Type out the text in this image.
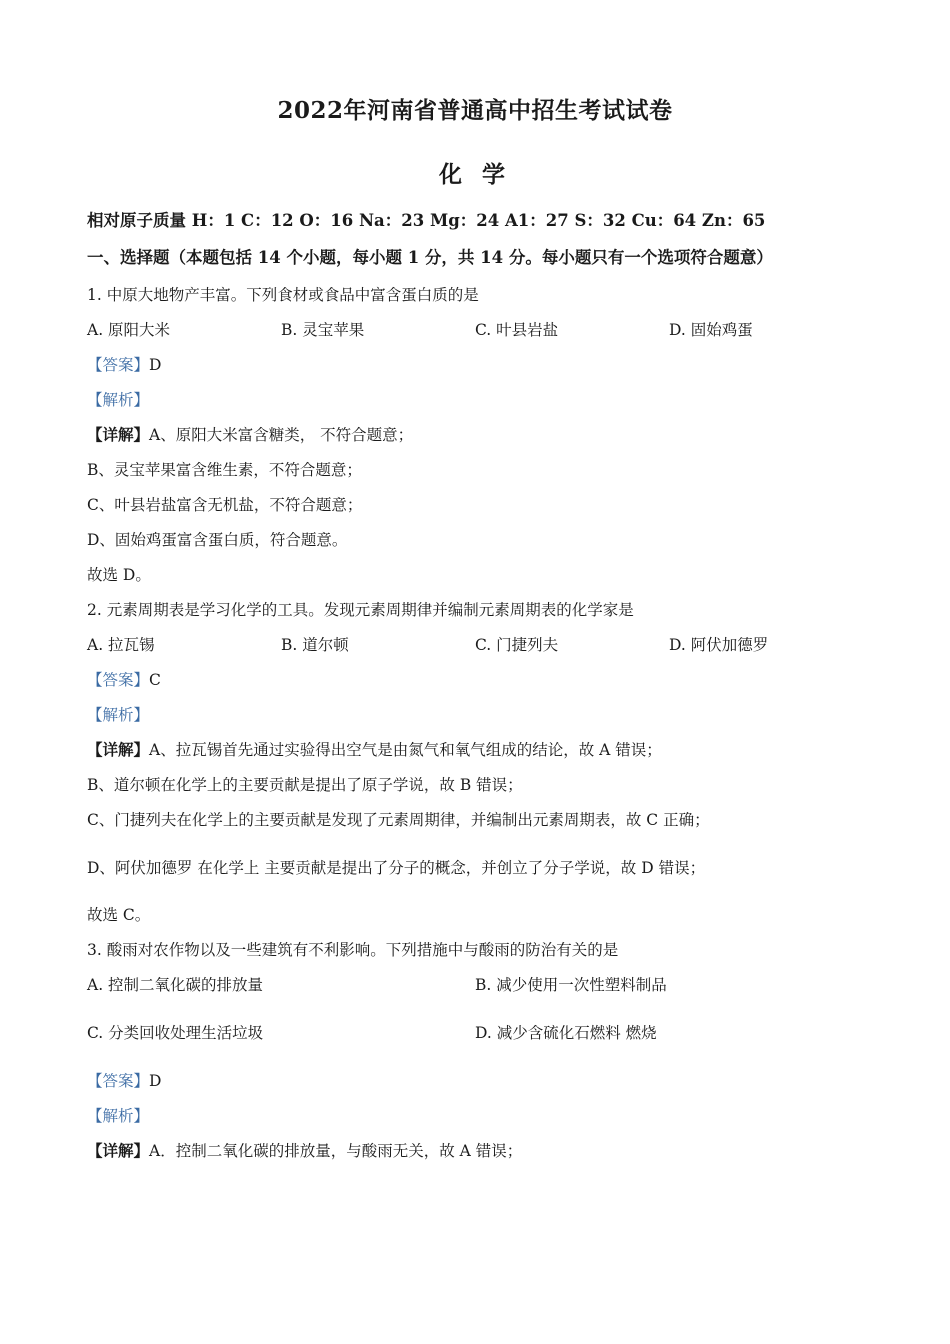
2022年河南省普通高中招生考试试卷
化 学
相对原子质量 H：1 C：12 O：16 Na：23 Mg：24 A1：27 S：32 Cu：64 Zn：65
一、选择题（本题包括 14 个小题，每小题 1 分，共 14 分。每小题只有一个选项符合题意）
1. 中原大地物产丰富。下列食材或食品中富含蛋白质的是
A. 原阳大米	B. 灵宝苹果	C. 叶县岩盐	D. 固始鸡蛋
【答案】D
【解析】
【详解】A、原阳大米富含糖类， 不符合题意；
B、灵宝苹果富含维生素，不符合题意；
C、叶县岩盐富含无机盐，不符合题意；
D、固始鸡蛋富含蛋白质，符合题意。
故选 D。
2. 元素周期表是学习化学的工具。发现元素周期律并编制元素周期表的化学家是
A. 拉瓦锡	B. 道尔顿	C. 门捷列夫	D. 阿伏加德罗
【答案】C
【解析】
【详解】A、拉瓦锡首先通过实验得出空气是由氮气和氧气组成的结论，故 A 错误；
B、道尔顿在化学上的主要贡献是提出了原子学说，故 B 错误；
C、门捷列夫在化学上的主要贡献是发现了元素周期律，并编制出元素周期表，故 C 正确；
D、阿伏加德罗 在化学上 主要贡献是提出了分子的概念，并创立了分子学说，故 D 错误；
故选 C。
3. 酸雨对农作物以及一些建筑有不利影响。下列措施中与酸雨的防治有关的是
A. 控制二氧化碳的排放量	B. 减少使用一次性塑料制品
C. 分类回收处理生活垃圾	D. 减少含硫化石燃料 燃烧
【答案】D
【解析】
【详解】A．控制二氧化碳的排放量，与酸雨无关，故 A 错误；
